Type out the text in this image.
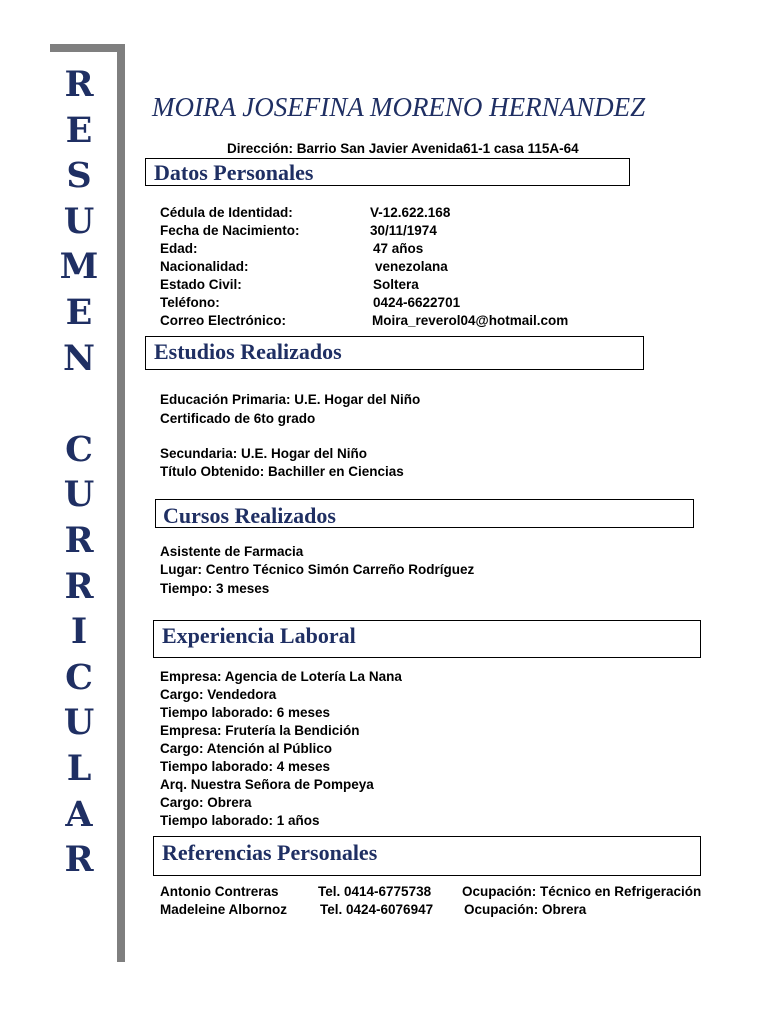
R
E
S
U
M
E
N
C
U
R
R
I
C
U
L
A
R
MOIRA JOSEFINA MORENO HERNANDEZ

Dirección: Barrio San Javier Avenida61-1 casa 115A-64

Datos Personales

Cédula de Identidad:	V-12.622.168

Fecha de Nacimiento:	30/11/1974

Edad:	47 años

Nacionalidad:	venezolana

Estado Civil:	Soltera

Teléfono:	0424-6622701

Correo Electrónico:	Moira_reverol04@hotmail.com

Estudios Realizados

Educación Primaria: U.E. Hogar del Niño

Certificado de 6to grado

Secundaria: U.E. Hogar del Niño

Título Obtenido: Bachiller en Ciencias

Cursos Realizados

Asistente de Farmacia

Lugar: Centro Técnico Simón Carreño Rodríguez

Tiempo: 3 meses

Experiencia Laboral

Empresa: Agencia de Lotería La Nana

Cargo: Vendedora

Tiempo laborado: 6 meses

Empresa: Frutería la Bendición

Cargo: Atención al Público

Tiempo laborado: 4 meses

Arq. Nuestra Señora de Pompeya

Cargo: Obrera

Tiempo laborado: 1 años

Referencias Personales

Antonio Contreras	Tel. 0414-6775738 Ocupación: Técnico en Refrigeración

Madeleine Albornoz Tel. 0424-6076947 Ocupación: Obrera
